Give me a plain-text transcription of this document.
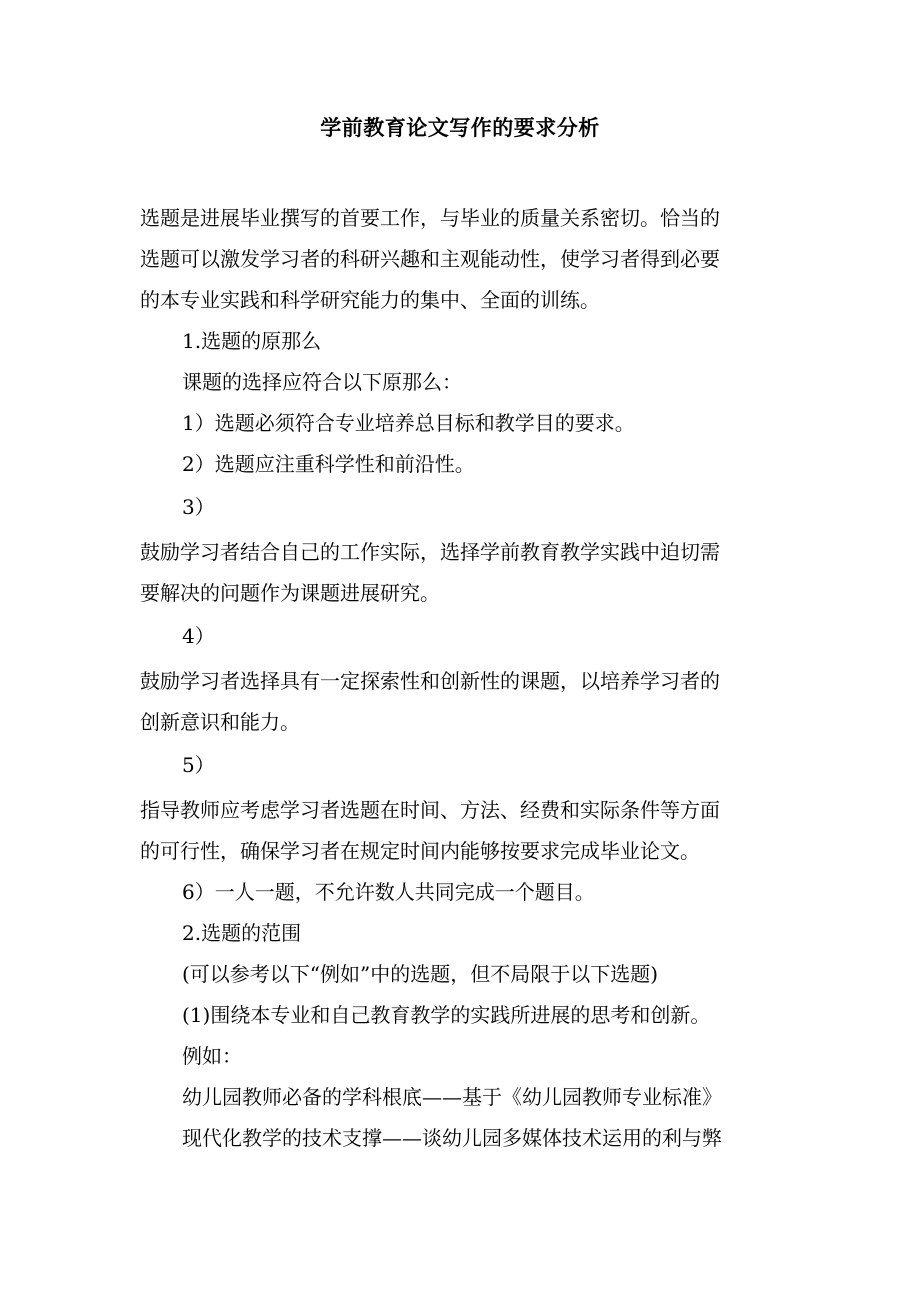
学前教育论文写作的要求分析

选题是进展毕业撰写的首要工作，与毕业的质量关系密切。恰当的

选题可以激发学习者的科研兴趣和主观能动性，使学习者得到必要

的本专业实践和科学研究能力的集中、全面的训练。

1.选题的原那么

课题的选择应符合以下原那么：

1）选题必须符合专业培养总目标和教学目的要求。

2）选题应注重科学性和前沿性。

3）

鼓励学习者结合自己的工作实际，选择学前教育教学实践中迫切需

要解决的问题作为课题进展研究。

4）

鼓励学习者选择具有一定探索性和创新性的课题，以培养学习者的

创新意识和能力。

5）

指导教师应考虑学习者选题在时间、方法、经费和实际条件等方面

的可行性，确保学习者在规定时间内能够按要求完成毕业论文。

6）一人一题，不允许数人共同完成一个题目。

2.选题的范围

(可以参考以下“例如”中的选题，但不局限于以下选题)

(1)围绕本专业和自己教育教学的实践所进展的思考和创新。

例如：

幼儿园教师必备的学科根底——基于《幼儿园教师专业标准》

现代化教学的技术支撑——谈幼儿园多媒体技术运用的利与弊
